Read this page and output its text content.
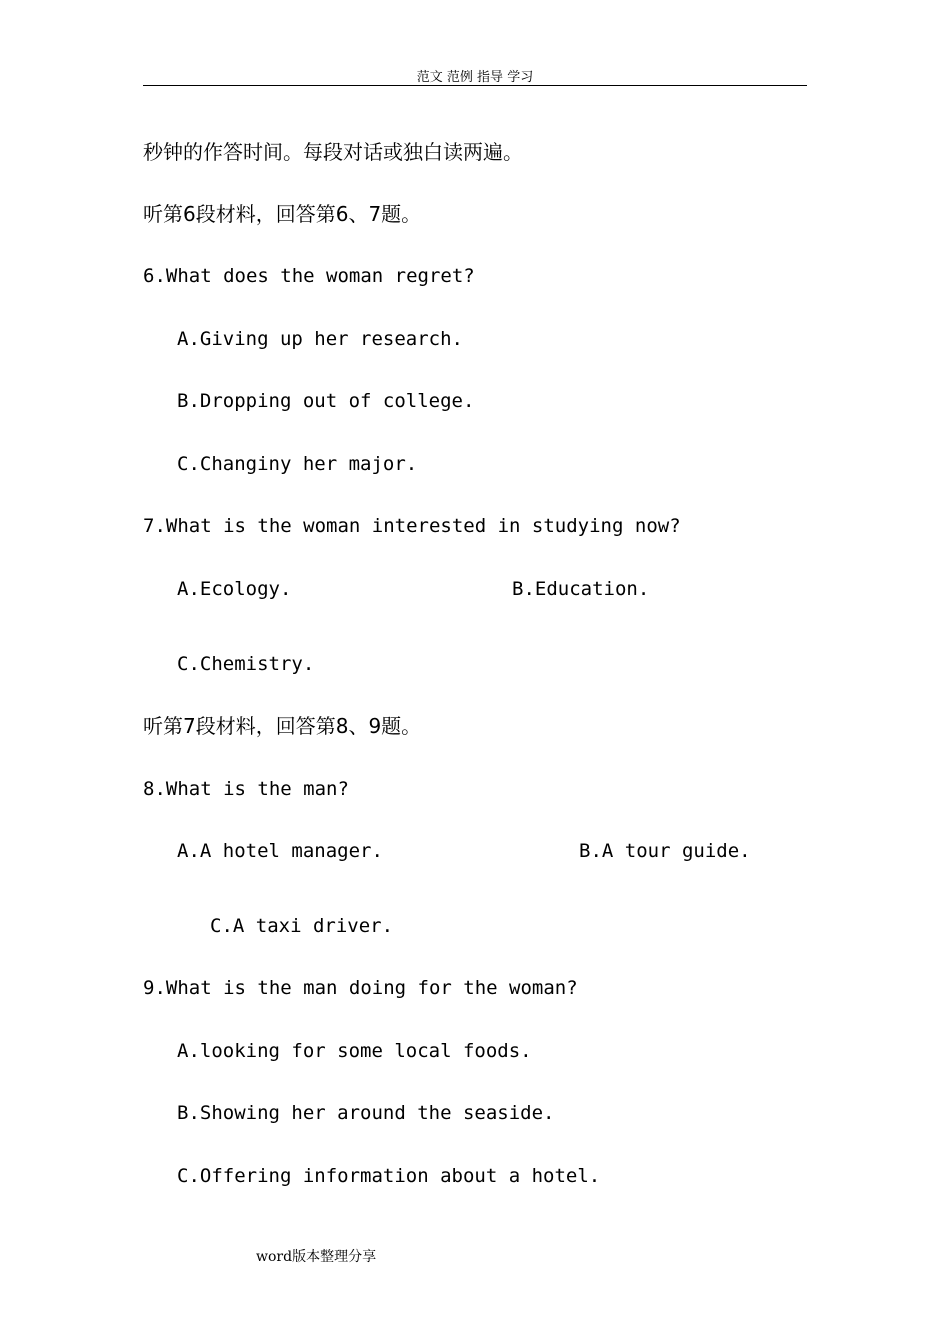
范文 范例 指导 学习
秒钟的作答时间。每段对话或独白读两遍。
听第6段材料，回答第6、7题。
6.What does the woman regret?
A.Giving up her research.
B.Dropping out of college.
C.Changiny her major.
7.What is the woman interested in studying now?
A.Ecology.	B.Education.
C.Chemistry.
听第7段材料，回答第8、9题。
8.What is the man?
A.A hotel manager.	B.A tour guide.
C.A taxi driver.
9.What is the man doing for the woman?
A.looking for some local foods.
B.Showing her around the seaside.
C.Offering information about a hotel.
word版本整理分享
